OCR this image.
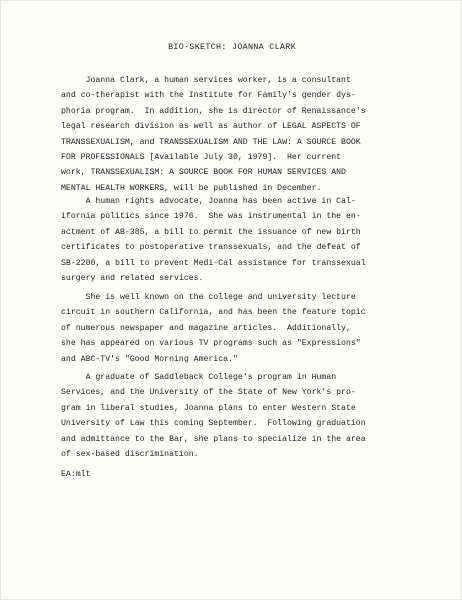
BIO-SKETCH: JOANNA CLARK

Joanna Clark, a human services worker, is a consultant
and co-therapist with the Institute for Family's gender dys-
phoria program.  In addition, she is director of Renaissance's
legal research division as well as author of LEGAL ASPECTS OF
TRANSSEXUALISM, and TRANSSEXUALISM AND THE LAW: A SOURCE BOOK
FOR PROFESSIONALS [Available July 30, 1979].  Her current
work, TRANSSEXUALISM: A SOURCE BOOK FOR HUMAN SERVICES AND
MENTAL HEALTH WORKERS, will be published in December.

A human rights advocate, Joanna has been active in Cal-
ifornia politics since 1976.  She was instrumental in the en-
actment of AB-385, a bill to permit the issuance of new birth
certificates to postoperative transsexuals, and the defeat of
SB-2200, a bill to prevent Medi-Cal assistance for transsexual
surgery and related services.

She is well known on the college and university lecture
circuit in southern California, and has been the feature topic
of numerous newspaper and magazine articles.  Additionally,
she has appeared on various TV programs such as "Expressions"
and ABC-TV's "Good Morning America."

A graduate of Saddleback College's program in Human
Services, and the University of the State of New York's pro-
gram in liberal studies, Joanna plans to enter Western State
University of Law this coming September.  Following graduation
and admittance to the Bar, she plans to specialize in the area
of sex-based discrimination.

EA:mlt
